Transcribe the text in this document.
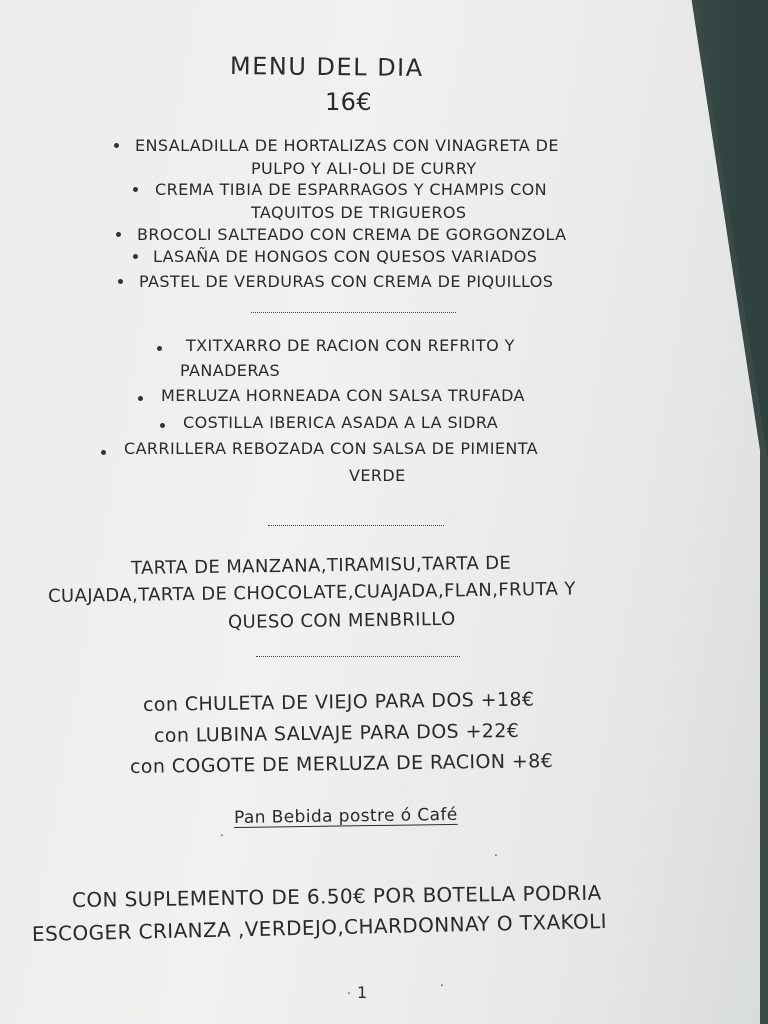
MENU DEL DIA
16€
ENSALADILLA DE HORTALIZAS CON VINAGRETA DE
PULPO Y ALI-OLI DE CURRY
CREMA TIBIA DE ESPARRAGOS Y CHAMPIS CON
TAQUITOS DE TRIGUEROS
BROCOLI SALTEADO CON CREMA DE GORGONZOLA
LASAÑA DE HONGOS CON QUESOS VARIADOS
PASTEL DE VERDURAS CON CREMA DE PIQUILLOS
TXITXARRO DE RACION CON REFRITO Y
PANADERAS
MERLUZA HORNEADA CON SALSA TRUFADA
COSTILLA IBERICA ASADA A LA SIDRA
CARRILLERA REBOZADA CON SALSA DE PIMIENTA
VERDE
TARTA DE MANZANA,TIRAMISU,TARTA DE
CUAJADA,TARTA DE CHOCOLATE,CUAJADA,FLAN,FRUTA Y
QUESO CON MENBRILLO
con CHULETA DE VIEJO PARA DOS +18€
con LUBINA SALVAJE PARA DOS +22€
con COGOTE DE MERLUZA DE RACION +8€
Pan Bebida postre ó Café
CON SUPLEMENTO DE 6.50€ POR BOTELLA PODRIA
ESCOGER CRIANZA ,VERDEJO,CHARDONNAY O TXAKOLI
1
.
.
.
.
